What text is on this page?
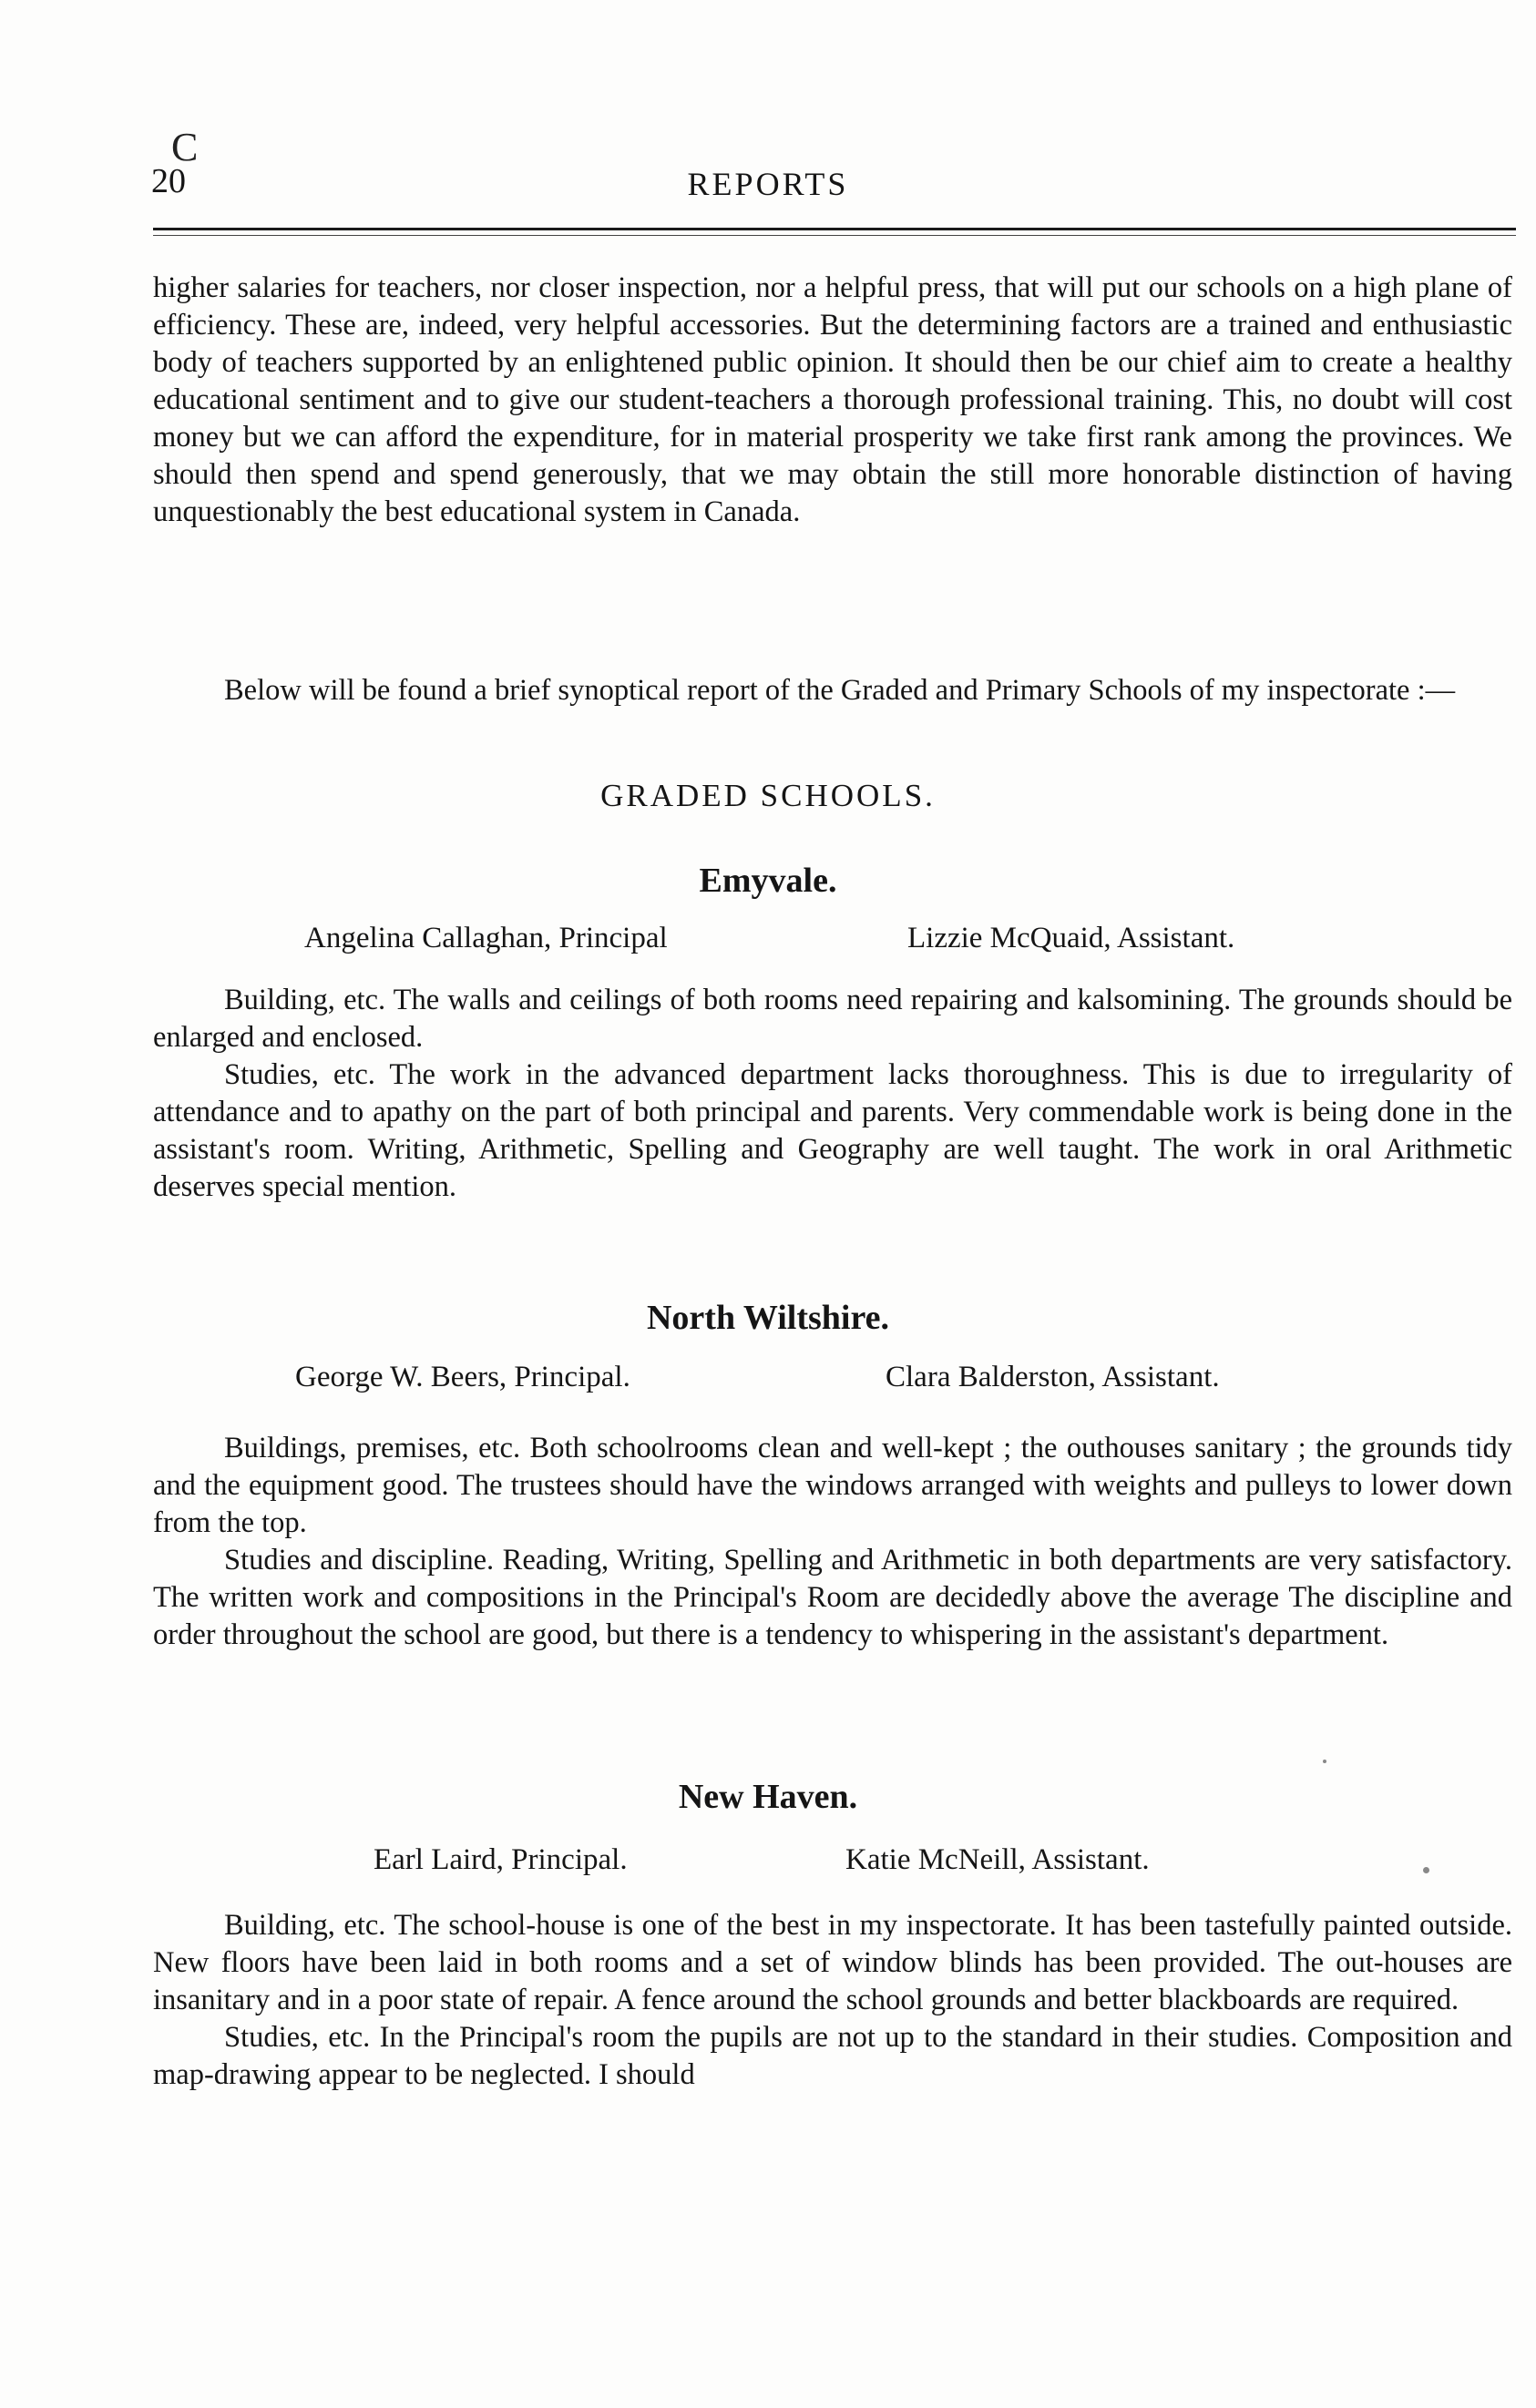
C
20	REPORTS

higher salaries for teachers, nor closer inspection, nor a helpful press, that will put our schools on a high plane of efficiency. These are, indeed, very helpful accessories. But the determining factors are a trained and enthusiastic body of teachers supported by an enlightened public opinion. It should then be our chief aim to create a healthy educational sentiment and to give our student-teachers a thorough professional training. This, no doubt will cost money but we can afford the expenditure, for in material prosperity we take first rank among the provinces. We should then spend and spend generously, that we may obtain the still more honorable distinction of having unquestionably the best educational system in Canada.

Below will be found a brief synoptical report of the Graded and Primary Schools of my inspectorate :—

GRADED SCHOOLS.
Emyvale.
Angelina Callaghan, Principal	Lizzie McQuaid, Assistant.

Building, etc. The walls and ceilings of both rooms need repairing and kalsomining. The grounds should be enlarged and enclosed.

Studies, etc. The work in the advanced department lacks thoroughness. This is due to irregularity of attendance and to apathy on the part of both principal and parents. Very commendable work is being done in the assistant's room. Writing, Arithmetic, Spelling and Geography are well taught. The work in oral Arithmetic deserves special mention.

North Wiltshire.
George W. Beers, Principal.	Clara Balderston, Assistant.

Buildings, premises, etc. Both schoolrooms clean and well-kept ; the outhouses sanitary ; the grounds tidy and the equipment good. The trustees should have the windows arranged with weights and pulleys to lower down from the top.

Studies and discipline. Reading, Writing, Spelling and Arithmetic in both departments are very satisfactory. The written work and compositions in the Principal's Room are decidedly above the average The discipline and order throughout the school are good, but there is a tendency to whispering in the assistant's department.

New Haven.
Earl Laird, Principal.	Katie McNeill, Assistant.

Building, etc. The school-house is one of the best in my inspectorate. It has been tastefully painted outside. New floors have been laid in both rooms and a set of window blinds has been provided. The out-houses are insanitary and in a poor state of repair. A fence around the school grounds and better blackboards are required.

Studies, etc. In the Principal's room the pupils are not up to the standard in their studies. Composition and map-drawing appear to be neglected. I should
